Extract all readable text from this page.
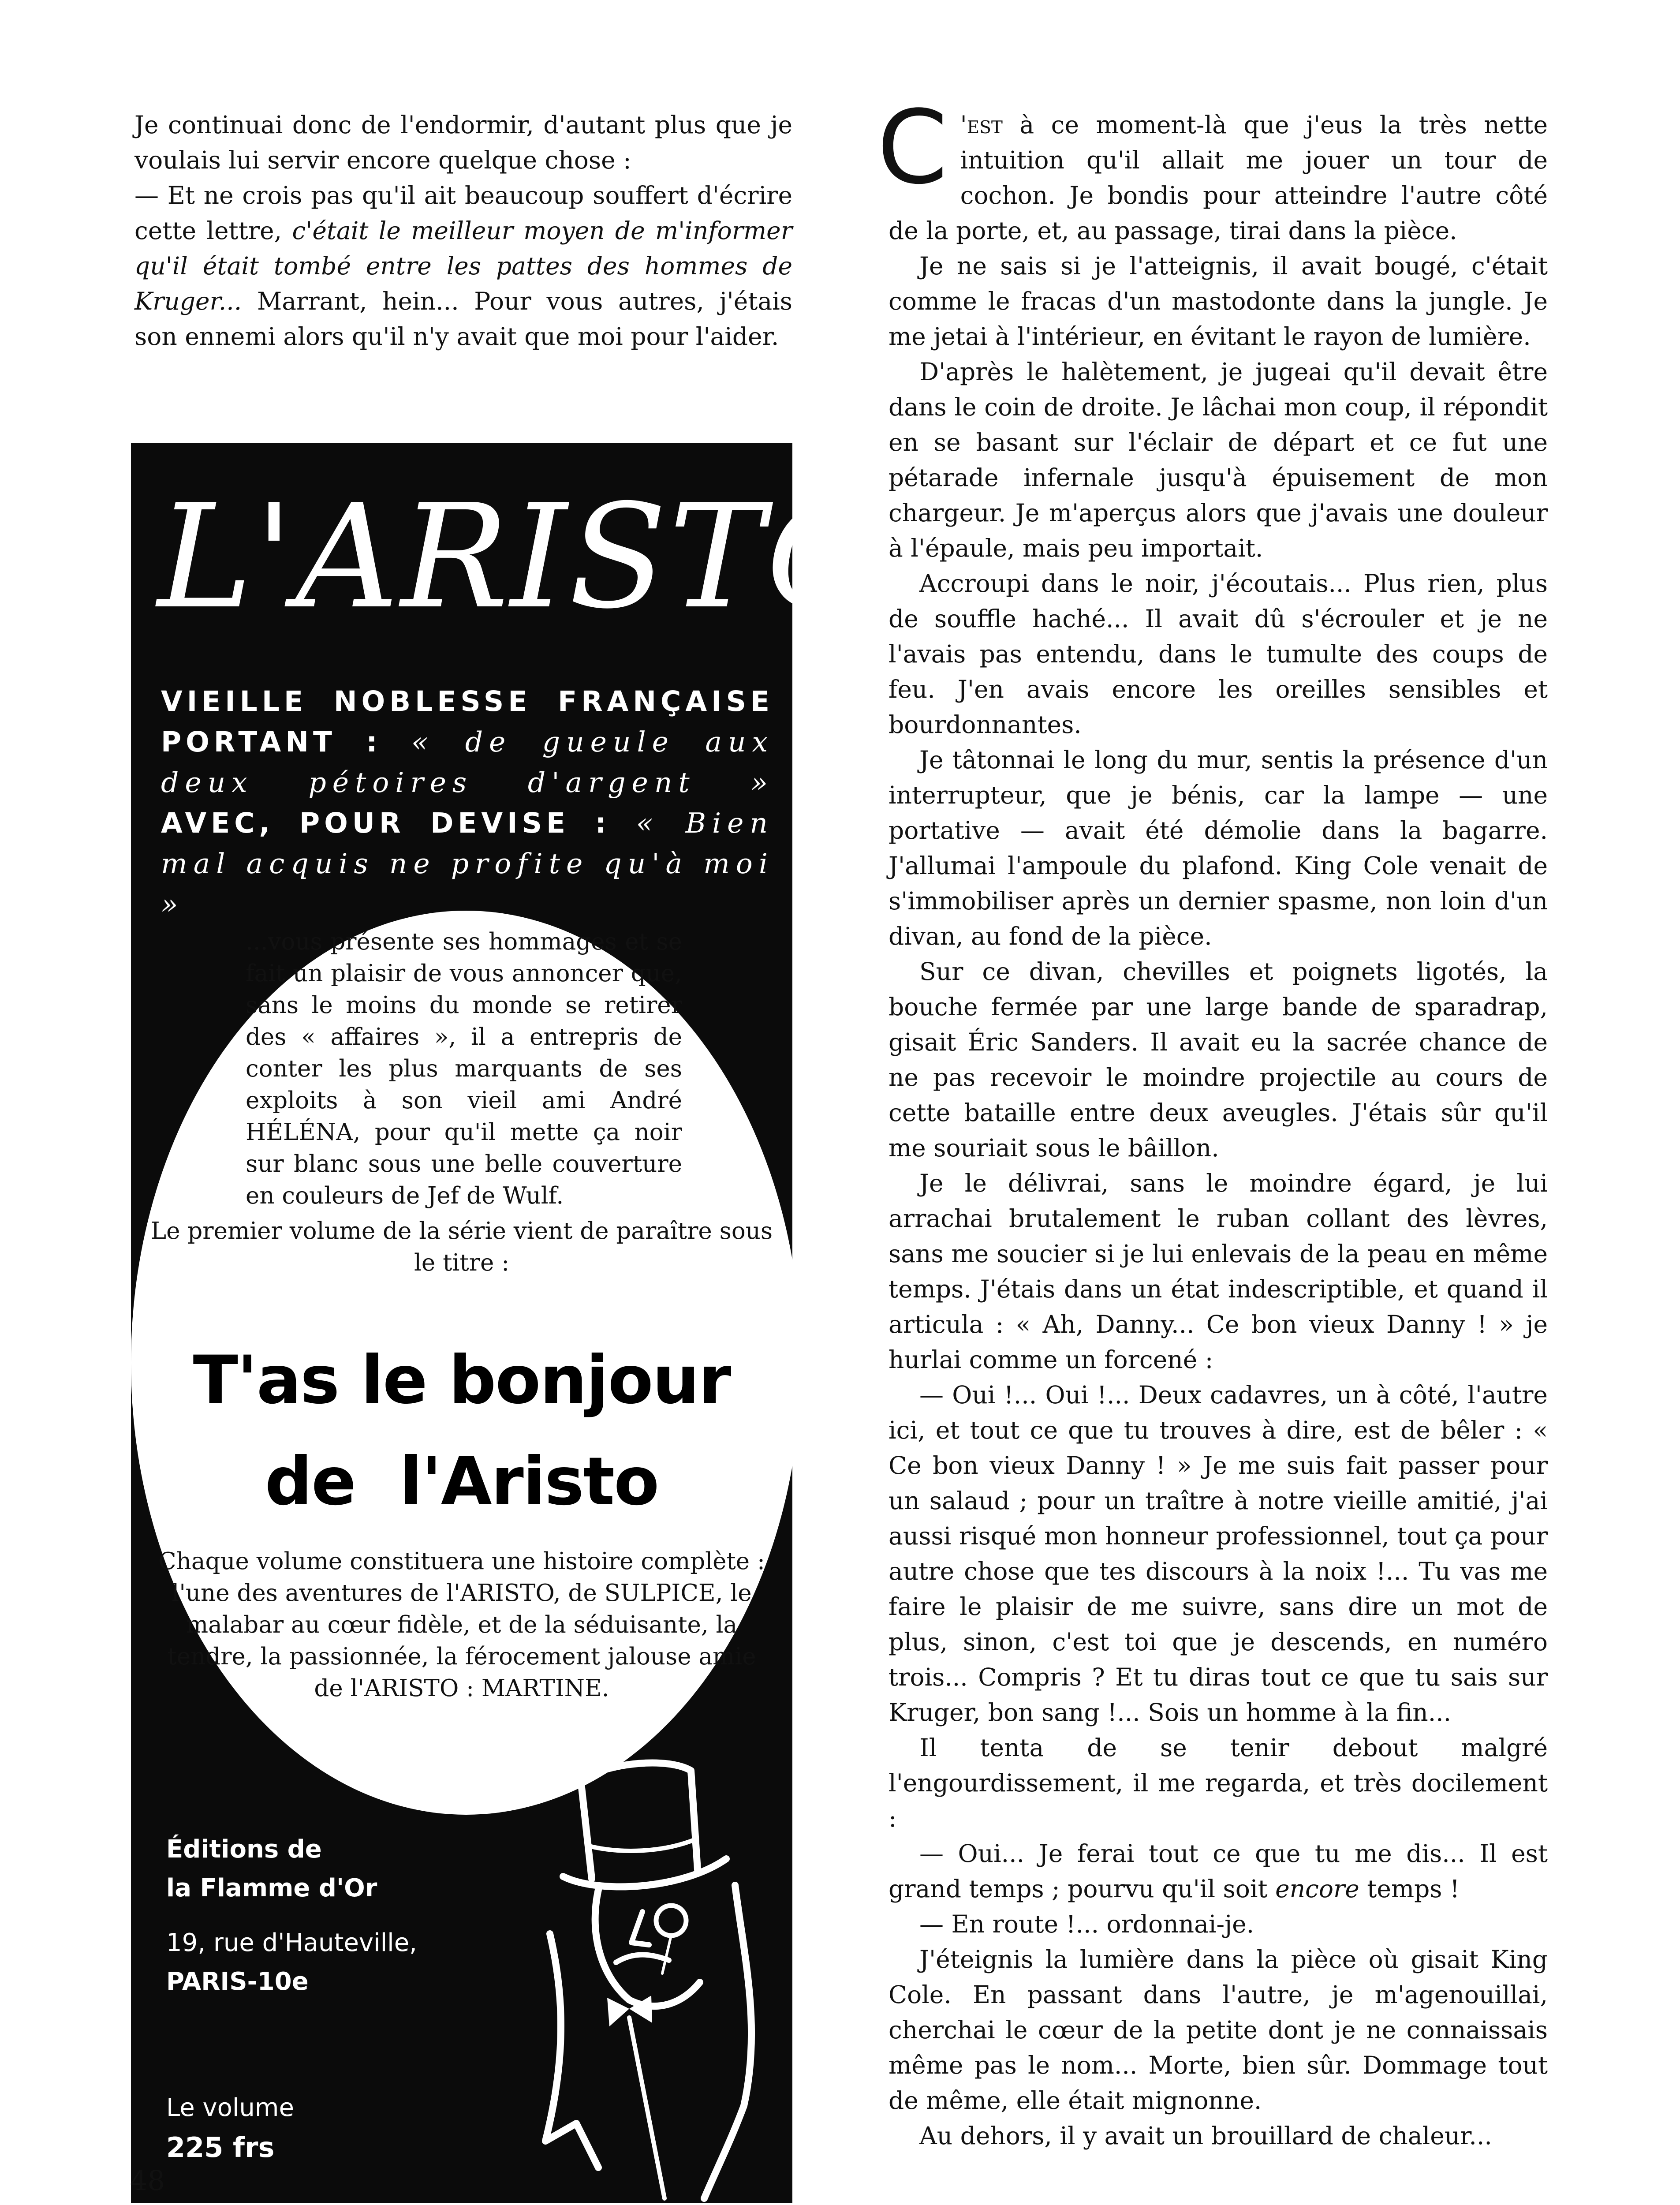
Je continuai donc de l'endormir, d'autant plus que je voulais lui servir encore quelque chose :

— Et ne crois pas qu'il ait beaucoup souffert d'écrire cette lettre, c'était le meilleur moyen de m'informer qu'il était tombé entre les pattes des hommes de Kruger... Marrant, hein... Pour vous autres, j'étais son ennemi alors qu'il n'y avait que moi pour l'aider.

L'ARISTO
VIEILLE NOBLESSE FRANÇAISE PORTANT : « de gueule aux deux pétoires d'argent » AVEC, POUR DEVISE : « Bien mal acquis ne profite qu'à moi »

...vous présente ses hommages et se fait un plaisir de vous annoncer que, sans le moins du monde se retirer des « affaires », il a entrepris de conter les plus marquants de ses exploits à son vieil ami André HÉLÉNA, pour qu'il mette ça noir sur blanc sous une belle couverture en couleurs de Jef de Wulf.

Le premier volume de la série vient de paraître sous le titre :

T'as le bonjour
de  l'Aristo

Chaque volume constituera une histoire complète : l'une des aventures de l'ARISTO, de SULPICE, le malabar au cœur fidèle, et de la séduisante, la tendre, la passionnée, la férocement jalouse amie de l'ARISTO : MARTINE.

Éditions de
la Flamme d'Or
19, rue d'Hauteville,
PARIS-10e
Le volume
225 frs

C 'est à ce moment-là que j'eus la très nette intuition qu'il allait me jouer un tour de cochon. Je bondis pour atteindre l'autre côté de la porte, et, au passage, tirai dans la pièce.

Je ne sais si je l'atteignis, il avait bougé, c'était comme le fracas d'un mastodonte dans la jungle. Je me jetai à l'intérieur, en évitant le rayon de lumière.

D'après le halètement, je jugeai qu'il devait être dans le coin de droite. Je lâchai mon coup, il répondit en se basant sur l'éclair de départ et ce fut une pétarade infernale jusqu'à épuisement de mon chargeur. Je m'aperçus alors que j'avais une douleur à l'épaule, mais peu importait.

Accroupi dans le noir, j'écoutais... Plus rien, plus de souffle haché... Il avait dû s'écrouler et je ne l'avais pas entendu, dans le tumulte des coups de feu. J'en avais encore les oreilles sensibles et bourdonnantes.

Je tâtonnai le long du mur, sentis la présence d'un interrupteur, que je bénis, car la lampe — une portative — avait été démolie dans la bagarre. J'allumai l'ampoule du plafond. King Cole venait de s'immobiliser après un dernier spasme, non loin d'un divan, au fond de la pièce.

Sur ce divan, chevilles et poignets ligotés, la bouche fermée par une large bande de sparadrap, gisait Éric Sanders. Il avait eu la sacrée chance de ne pas recevoir le moindre projectile au cours de cette bataille entre deux aveugles. J'étais sûr qu'il me souriait sous le bâillon.

Je le délivrai, sans le moindre égard, je lui arrachai brutalement le ruban collant des lèvres, sans me soucier si je lui enlevais de la peau en même temps. J'étais dans un état indescriptible, et quand il articula : « Ah, Danny... Ce bon vieux Danny ! » je hurlai comme un forcené :

— Oui !... Oui !... Deux cadavres, un à côté, l'autre ici, et tout ce que tu trouves à dire, est de bêler : « Ce bon vieux Danny ! » Je me suis fait passer pour un salaud ; pour un traître à notre vieille amitié, j'ai aussi risqué mon honneur professionnel, tout ça pour autre chose que tes discours à la noix !... Tu vas me faire le plaisir de me suivre, sans dire un mot de plus, sinon, c'est toi que je descends, en numéro trois... Compris ? Et tu diras tout ce que tu sais sur Kruger, bon sang !... Sois un homme à la fin...

Il tenta de se tenir debout malgré l'engourdissement, il me regarda, et très docilement :

— Oui... Je ferai tout ce que tu me dis... Il est grand temps ; pourvu qu'il soit encore temps !

— En route !... ordonnai-je.

J'éteignis la lumière dans la pièce où gisait King Cole. En passant dans l'autre, je m'agenouillai, cherchai le cœur de la petite dont je ne connaissais même pas le nom... Morte, bien sûr. Dommage tout de même, elle était mignonne.

Au dehors, il y avait un brouillard de chaleur...

48
